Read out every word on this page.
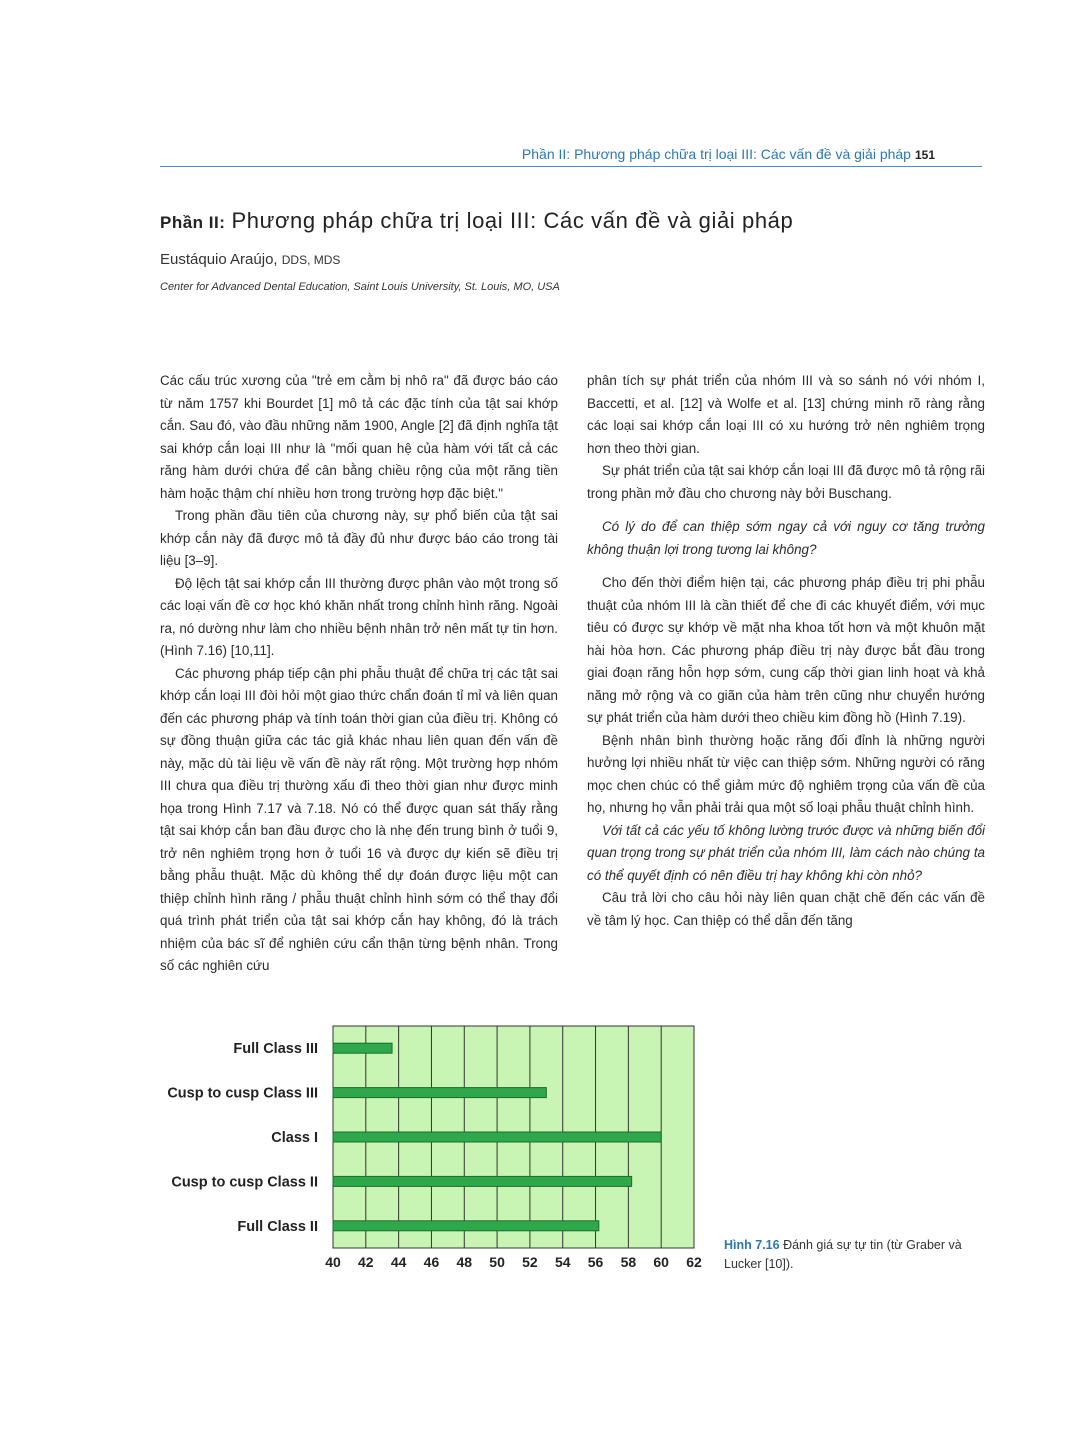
Phần II: Phương pháp chữa trị loại III: Các vấn đề và giải pháp 151
Phần II: Phương pháp chữa trị loại III: Các vấn đề và giải pháp
Eustáquio Araújo, DDS, MDS
Center for Advanced Dental Education, Saint Louis University, St. Louis, MO, USA

Các cấu trúc xương của "trẻ em cằm bị nhô ra" đã được báo cáo từ năm 1757 khi Bourdet [1] mô tả các đặc tính của tật sai khớp cắn. Sau đó, vào đầu những năm 1900, Angle [2] đã định nghĩa tật sai khớp cắn loại III như là "mối quan hệ của hàm với tất cả các răng hàm dưới chứa để cân bằng chiều rộng của một răng tiền hàm hoặc thậm chí nhiều hơn trong trường hợp đặc biệt."

Trong phần đầu tiên của chương này, sự phổ biến của tật sai khớp cắn này đã được mô tả đầy đủ như được báo cáo trong tài liệu [3–9].

Độ lệch tật sai khớp cắn III thường được phân vào một trong số các loại vấn đề cơ học khó khăn nhất trong chỉnh hình răng. Ngoài ra, nó dường như làm cho nhiều bệnh nhân trở nên mất tự tin hơn. (Hình 7.16) [10,11].

Các phương pháp tiếp cận phi phẫu thuật để chữa trị các tật sai khớp cắn loại III đòi hỏi một giao thức chẩn đoán tỉ mỉ và liên quan đến các phương pháp và tính toán thời gian của điều trị. Không có sự đồng thuận giữa các tác giả khác nhau liên quan đến vấn đề này, mặc dù tài liệu về vấn đề này rất rộng. Một trường hợp nhóm III chưa qua điều trị thường xấu đi theo thời gian như được minh họa trong Hình 7.17 và 7.18. Nó có thể được quan sát thấy rằng tật sai khớp cắn ban đầu được cho là nhẹ đến trung bình ở tuổi 9, trở nên nghiêm trọng hơn ở tuổi 16 và được dự kiến sẽ điều trị bằng phẫu thuật. Mặc dù không thể dự đoán được liệu một can thiệp chỉnh hình răng / phẫu thuật chỉnh hình sớm có thể thay đổi quá trình phát triển của tật sai khớp cắn hay không, đó là trách nhiệm của bác sĩ để nghiên cứu cẩn thận từng bệnh nhân. Trong số các nghiên cứu

phân tích sự phát triển của nhóm III và so sánh nó với nhóm I, Baccetti, et al. [12] và Wolfe et al. [13] chứng minh rõ ràng rằng các loại sai khớp cắn loại III có xu hướng trở nên nghiêm trọng hơn theo thời gian.

Sự phát triển của tật sai khớp cắn loại III đã được mô tả rộng rãi trong phần mở đầu cho chương này bởi Buschang.

Có lý do để can thiệp sớm ngay cả với nguy cơ tăng trưởng không thuận lợi trong tương lai không?

Cho đến thời điểm hiện tại, các phương pháp điều trị phi phẫu thuật của nhóm III là cần thiết để che đi các khuyết điểm, với mục tiêu có được sự khớp về mặt nha khoa tốt hơn và một khuôn mặt hài hòa hơn. Các phương pháp điều trị này được bắt đầu trong giai đoạn răng hỗn hợp sớm, cung cấp thời gian linh hoạt và khả năng mở rộng và co giãn của hàm trên cũng như chuyển hướng sự phát triển của hàm dưới theo chiều kim đồng hồ (Hình 7.19).

Bệnh nhân bình thường hoặc răng đối đỉnh là những người hưởng lợi nhiều nhất từ việc can thiệp sớm. Những người có răng mọc chen chúc có thể giảm mức độ nghiêm trọng của vấn đề của họ, nhưng họ vẫn phải trải qua một số loại phẫu thuật chỉnh hình.

Với tất cả các yếu tố không lường trước được và những biến đổi quan trọng trong sự phát triển của nhóm III, làm cách nào chúng ta có thể quyết định có nên điều trị hay không khi còn nhỏ?

Câu trả lời cho câu hỏi này liên quan chặt chẽ đến các vấn đề về tâm lý học. Can thiệp có thể dẫn đến tăng

40 42 44 46 48 50 52 54 56 58 60 62
Full Class III
Cusp to cusp Class III
Class I
Cusp to cusp Class II
Full Class II
Hình 7.16 Đánh giá sự tự tin (từ Graber và Lucker [10]).
